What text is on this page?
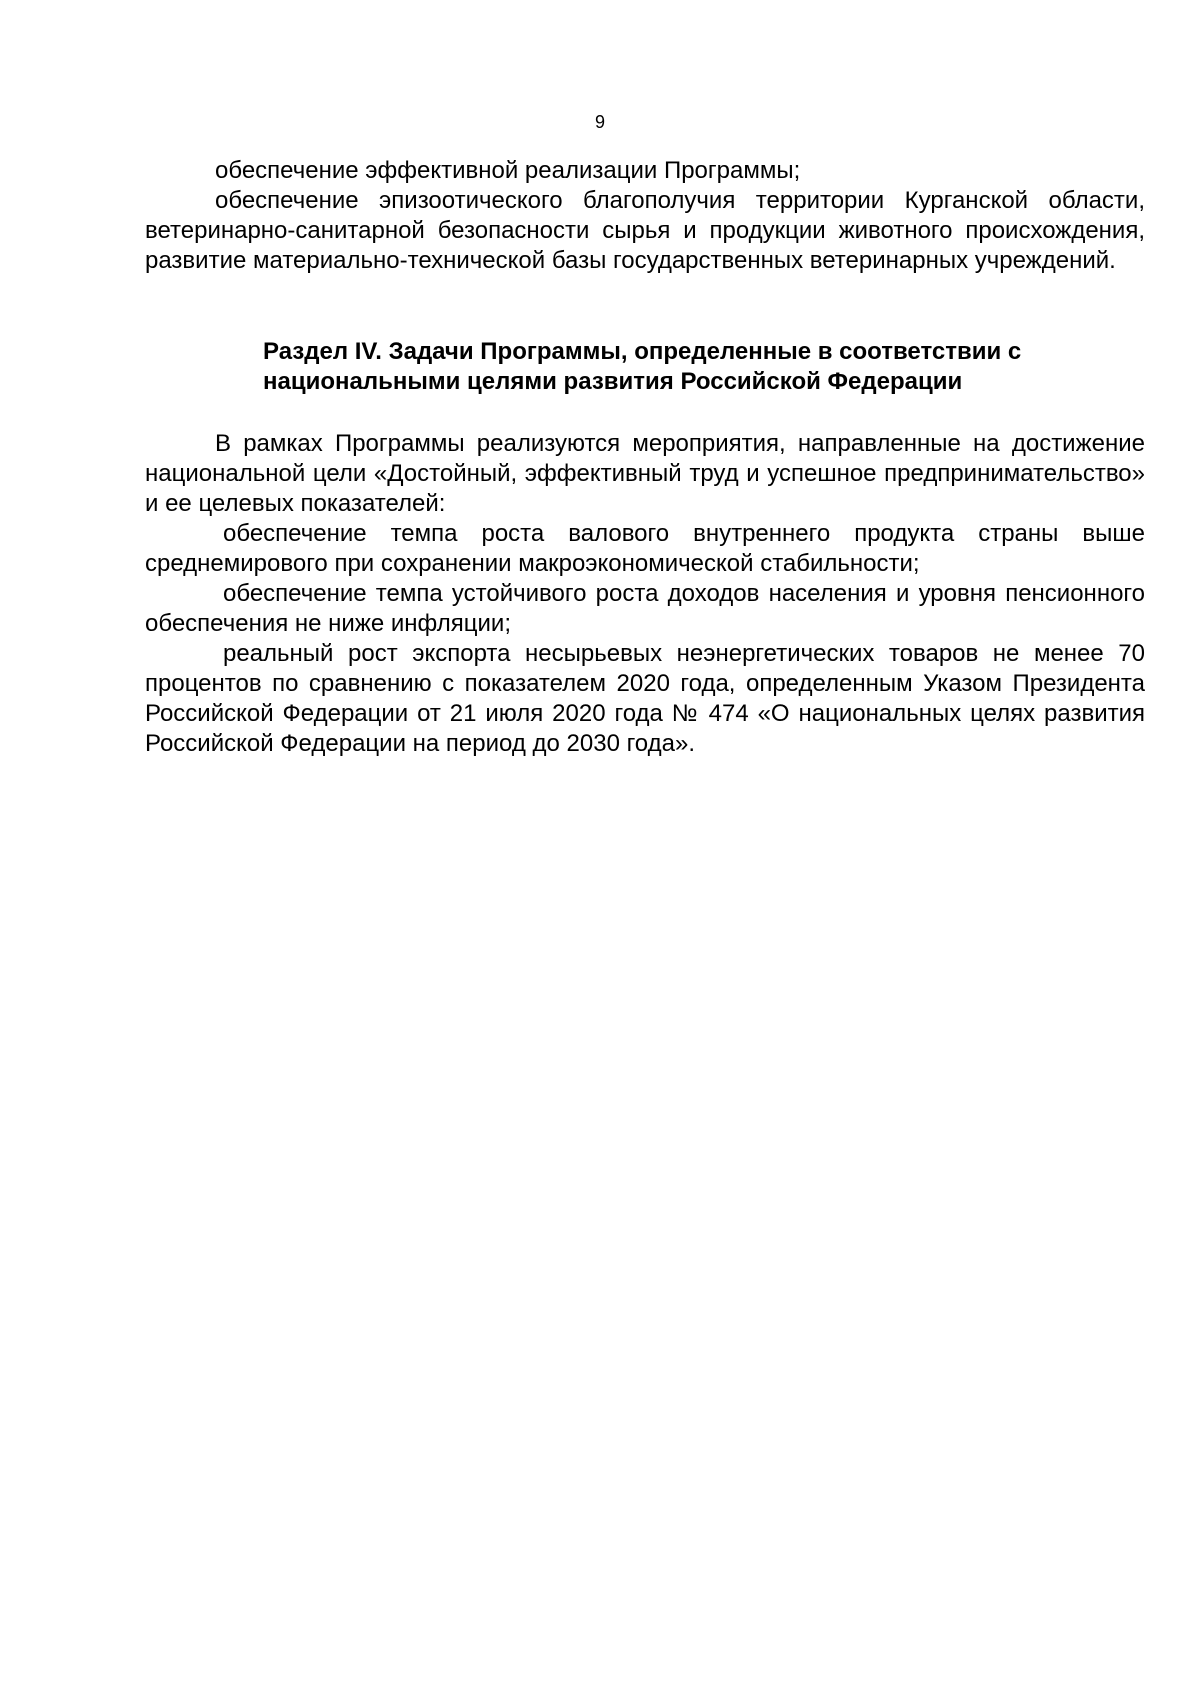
9

обеспечение эффективной реализации Программы;

обеспечение эпизоотического благополучия территории Курганской области, ветеринарно-санитарной безопасности сырья и продукции животного происхождения, развитие материально-технической базы государственных ветеринарных учреждений.

Раздел IV. Задачи Программы, определенные в соответствии с
национальными целями развития Российской Федерации

В рамках Программы реализуются мероприятия, направленные на достижение национальной цели «Достойный, эффективный труд и успешное предпринимательство» и ее целевых показателей:

обеспечение темпа роста валового внутреннего продукта страны выше среднемирового при сохранении макроэкономической стабильности;

обеспечение темпа устойчивого роста доходов населения и уровня пенсионного обеспечения не ниже инфляции;

реальный рост экспорта несырьевых неэнергетических товаров не менее 70 процентов по сравнению с показателем 2020 года, определенным Указом Президента Российской Федерации от 21 июля 2020 года № 474 «О национальных целях развития Российской Федерации на период до 2030 года».
